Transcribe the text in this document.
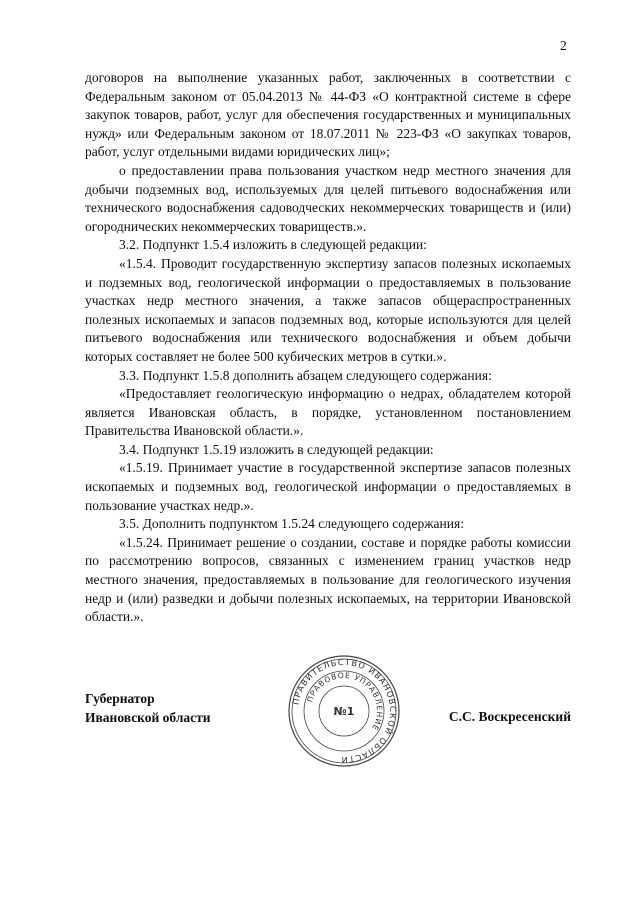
2

договоров на выполнение указанных работ, заключенных в соответствии с Федеральным законом от 05.04.2013 № 44-ФЗ «О контрактной системе в сфере закупок товаров, работ, услуг для обеспечения государственных и муниципальных нужд» или Федеральным законом от 18.07.2011 № 223-ФЗ «О закупках товаров, работ, услуг отдельными видами юридических лиц»;

о предоставлении права пользования участком недр местного значения для добычи подземных вод, используемых для целей питьевого водоснабжения или технического водоснабжения садоводческих некоммерческих товариществ и (или) огороднических некоммерческих товариществ.».

3.2. Подпункт 1.5.4 изложить в следующей редакции:

«1.5.4. Проводит государственную экспертизу запасов полезных ископаемых и подземных вод, геологической информации о предоставляемых в пользование участках недр местного значения, а также запасов общераспространенных полезных ископаемых и запасов подземных вод, которые используются для целей питьевого водоснабжения или технического водоснабжения и объем добычи которых составляет не более 500 кубических метров в сутки.».

3.3. Подпункт 1.5.8 дополнить абзацем следующего содержания:

«Предоставляет геологическую информацию о недрах, обладателем которой является Ивановская область, в порядке, установленном постановлением Правительства Ивановской области.».

3.4. Подпункт 1.5.19 изложить в следующей редакции:

«1.5.19. Принимает участие в государственной экспертизе запасов полезных ископаемых и подземных вод, геологической информации о предоставляемых в пользование участках недр.».

3.5. Дополнить подпунктом 1.5.24 следующего содержания:

«1.5.24. Принимает решение о создании, составе и порядке работы комиссии по рассмотрению вопросов, связанных с изменением границ участков недр местного значения, предоставляемых в пользование для геологического изучения недр и (или) разведки и добычи полезных ископаемых, на территории Ивановской области.».

ПРАВИТЕЛЬСТВО ИВАНОВСКОЙ ОБЛАСТИ
ПРАВОВОЕ УПРАВЛЕНИЕ
№1
Губернатор
Ивановской области	С.С. Воскресенский
